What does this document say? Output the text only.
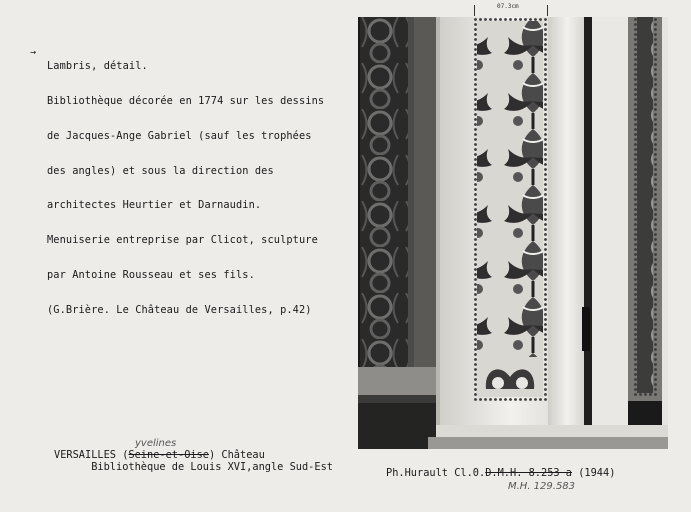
→

Lambris, détail.

Bibliothèque décorée en 1774 sur les dessins

de Jacques-Ange Gabriel (sauf les trophées

des angles) et sous la direction des

architectes Heurtier et Darnaudin.

Menuiserie entreprise par Clicot, sculpture

par Antoine Rousseau et ses fils.

(G.Brière. Le Château de Versailles, p.42)

07.3cm
yvelines
VERSAILLES (Seine-et-Oise) Château
Bibliothèque de Louis XVI,angle Sud-Est
Ph.Hurault Cl.0.D.M.H. 8.253 a (1944)
M.H. 129.583
